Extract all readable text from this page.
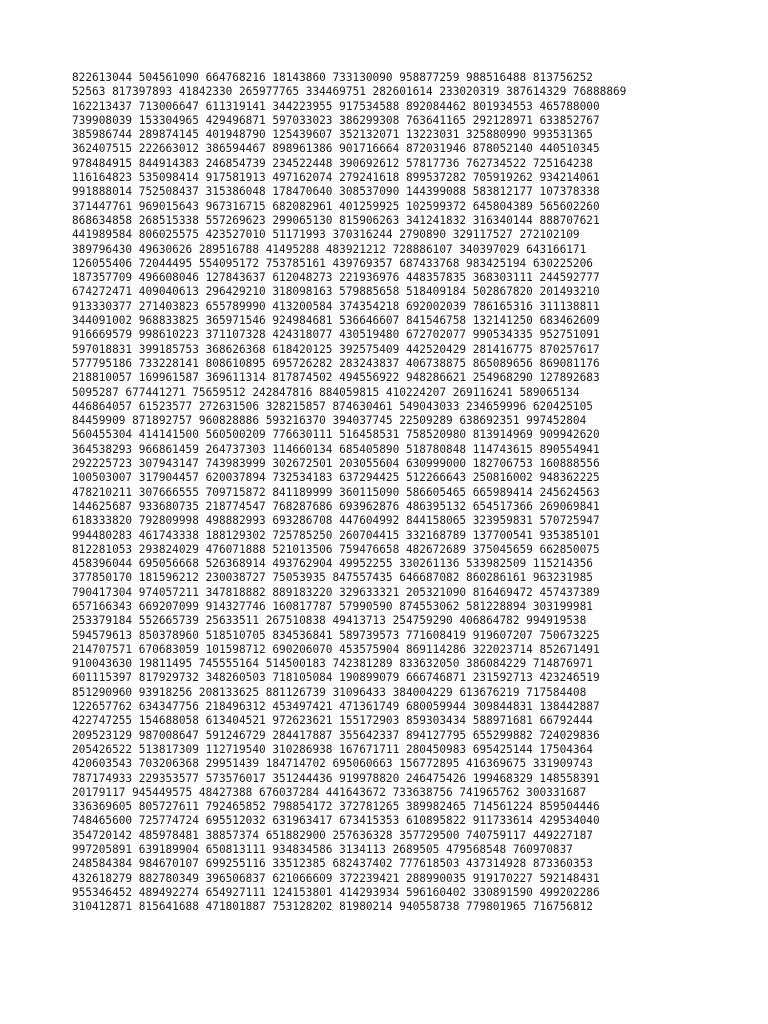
822613044 504561090 664768216 18143860 733130090 958877259 988516488 813756252
52563 817397893 41842330 265977765 334469751 282601614 233020319 387614329 76888869
162213437 713006647 611319141 344223955 917534588 892084462 801934553 465788000
739908039 153304965 429496871 597033023 386299308 763641165 292128971 633852767
385986744 289874145 401948790 125439607 352132071 13223031 325880990 993531365
362407515 222663012 386594467 898961386 901716664 872031946 878052140 440510345
978484915 844914383 246854739 234522448 390692612 57817736 762734522 725164238
116164823 535098414 917581913 497162074 279241618 899537282 705919262 934214061
991888014 752508437 315386048 178470640 308537090 144399088 583812177 107378338
371447761 969015643 967316715 682082961 401259925 102599372 645804389 565602260
868634858 268515338 557269623 299065130 815906263 341241832 316340144 888707621
441989584 806025575 423527010 51171993 370316244 2790890 329117527 272102109
389796430 49630626 289516788 41495288 483921212 728886107 340397029 643166171
126055406 72044495 554095172 753785161 439769357 687433768 983425194 630225206
187357709 496608046 127843637 612048273 221936976 448357835 368303111 244592777
674272471 409040613 296429210 318098163 579885658 518409184 502867820 201493210
913330377 271403823 655789990 413200584 374354218 692002039 786165316 311138811
344091002 968833825 365971546 924984681 536646607 841546758 132141250 683462609
916669579 998610223 371107328 424318077 430519480 672702077 990534335 952751091
597018831 399185753 368626368 618420125 392575409 442520429 281416775 870257617
577795186 733228141 808610895 695726282 283243837 406738875 865089656 869081176
218810057 169961587 369611314 817874502 494556922 948286621 254968290 127892683
5095287 677441271 75659512 242847816 884059815 410224207 269116241 589065134
446864057 61523577 272631506 328215857 874630461 549043033 234659996 620425105
84459909 871892757 960828886 593216370 394037745 22509289 638692351 997452804
560455304 414141500 560500209 776630111 516458531 758520980 813914969 909942620
364538293 966861459 264737303 114660134 685405890 518780848 114743615 890554941
292225723 307943147 743983999 302672501 203055604 630999000 182706753 160888556
100503007 317904457 620037894 732534183 637294425 512266643 250816002 948362225
478210211 307666555 709715872 841189999 360115090 586605465 665989414 245624563
144625687 933680735 218774547 768287686 693962876 486395132 654517366 269069841
618333820 792809998 498882993 693286708 447604992 844158065 323959831 570725947
994480283 461743338 188129302 725785250 260704415 332168789 137700541 935385101
812281053 293824029 476071888 521013506 759476658 482672689 375045659 662850075
458396044 695056668 526368914 493762904 49952255 330261136 533982509 115214356
377850170 181596212 230038727 75053935 847557435 646687082 860286161 963231985
790417304 974057211 347818882 889183220 329633321 205321090 816469472 457437389
657166343 669207099 914327746 160817787 57990590 874553062 581228894 303199981
253379184 552665739 25633511 267510838 49413713 254759290 406864782 994919538
594579613 850378960 518510705 834536841 589739573 771608419 919607207 750673225
214707571 670683059 101598712 690206070 453575904 869114286 322023714 852671491
910043630 19811495 745555164 514500183 742381289 833632050 386084229 714876971
601115397 817929732 348260503 718105084 190899079 666746871 231592713 423246519
851290960 93918256 208133625 881126739 31096433 384004229 613676219 717584408
122657762 634347756 218496312 453497421 471361749 680059944 309844831 138442887
422747255 154688058 613404521 972623621 155172903 859303434 588971681 66792444
209523129 987008647 591246729 284417887 355642337 894127795 655299882 724029836
205426522 513817309 112719540 310286938 167671711 280450983 695425144 17504364
420603543 703206368 29951439 184714702 695060663 156772895 416369675 331909743
787174933 229353577 573576017 351244436 919978820 246475426 199468329 148558391
20179117 945449575 48427388 676037284 441643672 733638756 741965762 300331687
336369605 805727611 792465852 798854172 372781265 389982465 714561224 859504446
748465600 725774724 695512032 631963417 673415353 610895822 911733614 429534040
354720142 485978481 38857374 651882900 257636328 357729500 740759117 449227187
997205891 639189904 650813111 934834586 3134113 2689505 479568548 760970837
248584384 984670107 699255116 33512385 682437402 777618503 437314928 873360353
432618279 882780349 396506837 621066609 372239421 288990035 919170227 592148431
955346452 489492274 654927111 124153801 414293934 596160402 330891590 499202286
310412871 815641688 471801887 753128202 81980214 940558738 779801965 716756812
